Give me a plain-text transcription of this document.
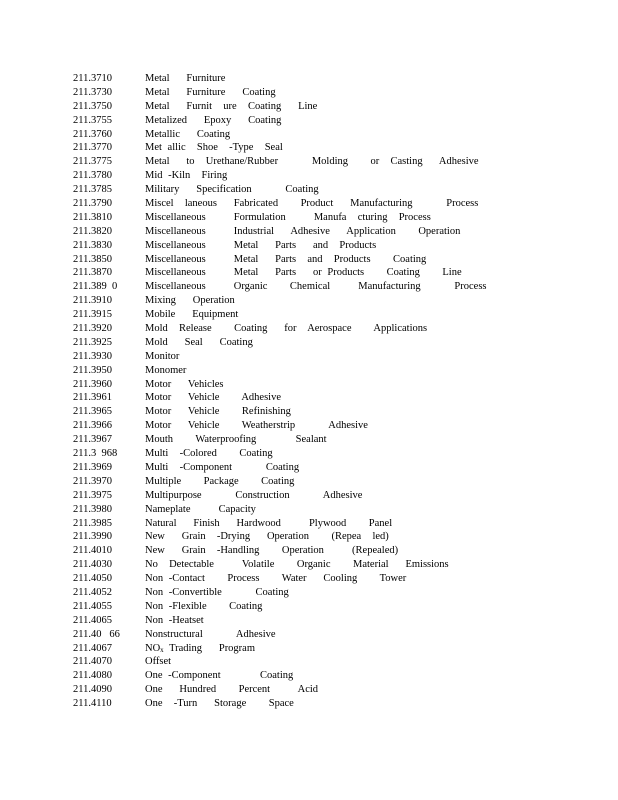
211.3710	Metal   Furniture
211.3730	Metal   Furniture   Coating
211.3750	Metal   Furnit  ure  Coating   Line
211.3755	Metalized   Epoxy   Coating
211.3760	Metallic   Coating
211.3770	Met allic  Shoe  -Type  Seal
211.3775	Metal   to  Urethane/Rubber      Molding    or  Casting   Adhesive
211.3780	Mid -Kiln  Firing
211.3785	Military   Specification      Coating
211.3790	Miscel  laneous   Fabricated    Product   Manufacturing      Process
211.3810	Miscellaneous     Formulation     Manufa  cturing  Process
211.3820	Miscellaneous     Industrial   Adhesive   Application    Operation
211.3830	Miscellaneous     Metal   Parts   and  Products
211.3850	Miscellaneous     Metal   Parts  and  Products    Coating
211.3870	Miscellaneous     Metal   Parts   or Products    Coating    Line
211.389  0	Miscellaneous     Organic    Chemical     Manufacturing      Process
211.3910	Mixing   Operation
211.3915	Mobile   Equipment
211.3920	Mold  Release    Coating   for  Aerospace    Applications
211.3925	Mold   Seal   Coating
211.3930	Monitor
211.3950	Monomer
211.3960	Motor   Vehicles
211.3961	Motor   Vehicle    Adhesive
211.3965	Motor   Vehicle    Refinishing
211.3966	Motor   Vehicle    Weatherstrip      Adhesive
211.3967	Mouth    Waterproofing       Sealant
211.3  968	Multi  -Colored    Coating
211.3969	Multi  -Component      Coating
211.3970	Multiple    Package    Coating
211.3975	Multipurpose      Construction      Adhesive
211.3980	Nameplate     Capacity
211.3985	Natural   Finish   Hardwood     Plywood    Panel
211.3990	New   Grain  -Drying   Operation    (Repea  led)
211.4010	New   Grain  -Handling    Operation     (Repealed)
211.4030	No  Detectable     Volatile    Organic    Material   Emissions
211.4050	Non -Contact    Process    Water   Cooling    Tower
211.4052	Non -Convertible      Coating
211.4055	Non -Flexible    Coating
211.4065	Non -Heatset
211.40   66	Nonstructural      Adhesive
211.4067	$NO_x$ Trading   Program
211.4070	Offset
211.4080	One -Component       Coating
211.4090	One   Hundred    Percent     Acid
211.4110	One  -Turn   Storage    Space
